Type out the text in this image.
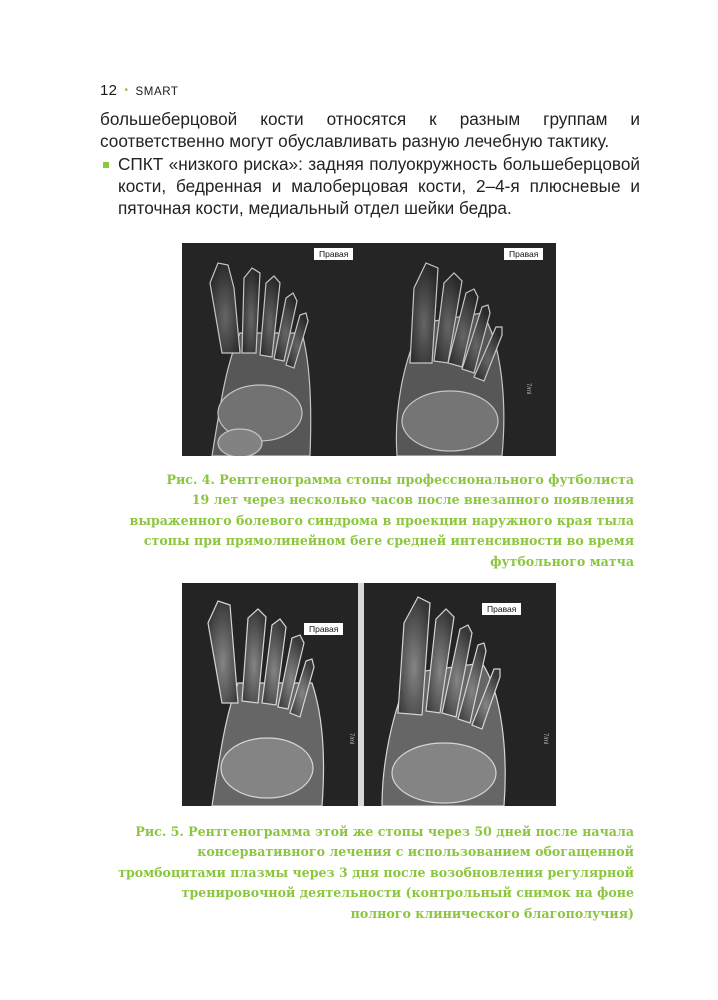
12 • SMART

большеберцовой кости относятся к разным группам и соответственно могут обуславливать разную лечебную тактику.

СПКТ «низкого риска»: задняя полуокружность большеберцовой кости, бедренная и малоберцовая кости, 2–4-я плюсневые и пяточная кости, медиальный отдел шейки бедра.
7/ml
Правая	Правая
Рис. 4. Рентгенограмма стопы профессионального футболиста
19 лет через несколько часов после внезапного появления
выраженного болевого синдрома в проекции наружного края тыла
стопы при прямолинейном беге средней интенсивности во время
футбольного матча
7/ml	7/ml
Правая
Правая
Рис. 5. Рентгенограмма этой же стопы через 50 дней после начала
консервативного лечения с использованием обогащенной
тромбоцитами плазмы через 3 дня после возобновления регулярной
тренировочной деятельности (контрольный снимок на фоне
полного клинического благополучия)
